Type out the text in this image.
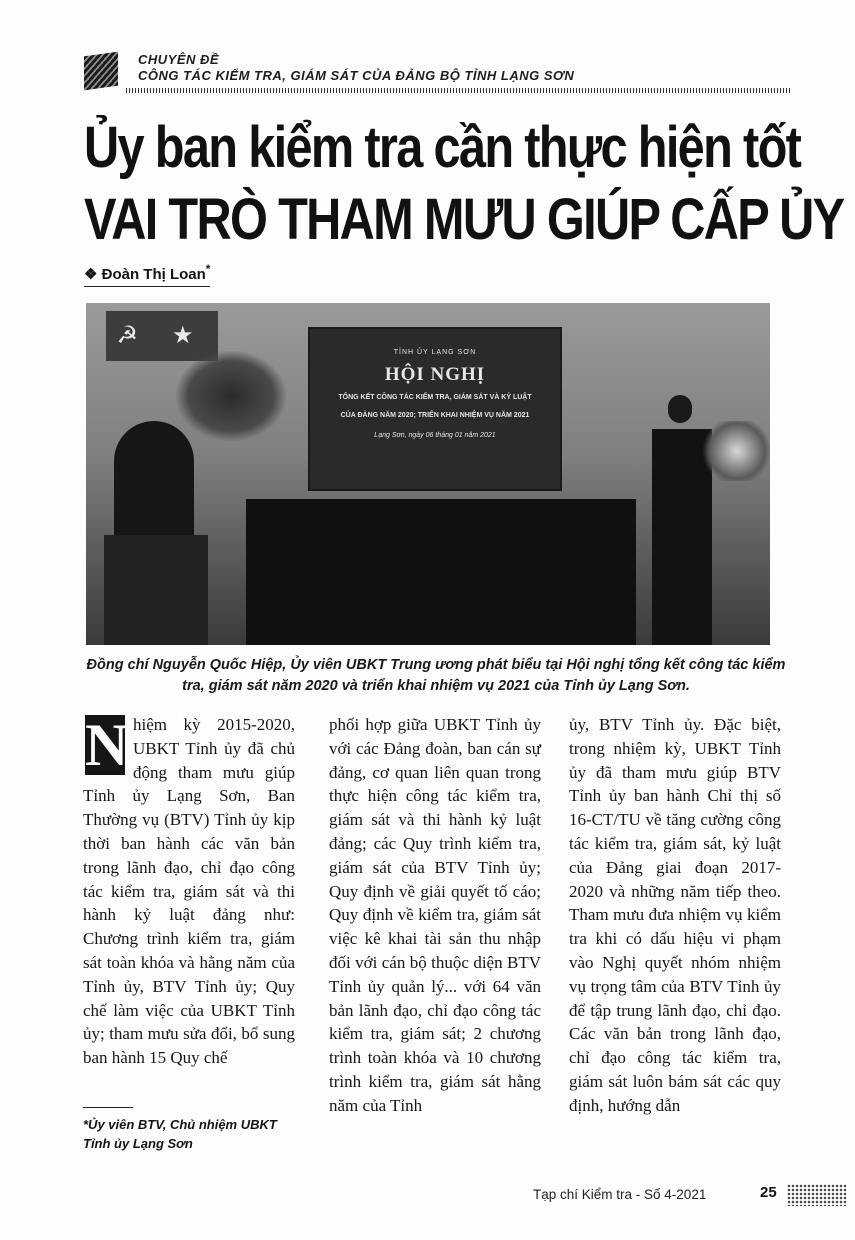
CHUYÊN ĐỀ
CÔNG TÁC KIỂM TRA, GIÁM SÁT CỦA ĐẢNG BỘ TỈNH LẠNG SƠN
Ủy ban kiểm tra cần thực hiện tốt
VAI TRÒ THAM MƯU GIÚP CẤP ỦY
❖ Đoàn Thị Loan*
☭ ★
TỈNH ỦY LẠNG SƠN
HỘI NGHỊ
TỔNG KẾT CÔNG TÁC KIỂM TRA, GIÁM SÁT VÀ KỶ LUẬT
CỦA ĐẢNG NĂM 2020; TRIỂN KHAI NHIỆM VỤ NĂM 2021
Lạng Sơn, ngày 06 tháng 01 năm 2021
Đồng chí Nguyễn Quốc Hiệp, Ủy viên UBKT Trung ương phát biểu tại Hội nghị tổng kết công tác kiểm tra, giám sát năm 2020 và triển khai nhiệm vụ 2021 của Tỉnh ủy Lạng Sơn.
N hiệm kỳ 2015-2020, UBKT Tỉnh ủy đã chủ động tham mưu giúp Tỉnh ủy Lạng Sơn, Ban Thường vụ (BTV) Tỉnh ủy kịp thời ban hành các văn bản trong lãnh đạo, chỉ đạo công tác kiểm tra, giám sát và thi hành kỷ luật đảng như: Chương trình kiểm tra, giám sát toàn khóa và hằng năm của Tỉnh ủy, BTV Tỉnh ủy; Quy chế làm việc của UBKT Tỉnh ủy; tham mưu sửa đổi, bổ sung ban hành 15 Quy chế
phối hợp giữa UBKT Tỉnh ủy với các Đảng đoàn, ban cán sự đảng, cơ quan liên quan trong thực hiện công tác kiểm tra, giám sát và thi hành kỷ luật đảng; các Quy trình kiểm tra, giám sát của BTV Tỉnh ủy; Quy định về giải quyết tố cáo; Quy định về kiểm tra, giám sát việc kê khai tài sản thu nhập đối với cán bộ thuộc diện BTV Tỉnh ủy quản lý... với 64 văn bản lãnh đạo, chỉ đạo công tác kiểm tra, giám sát; 2 chương trình toàn khóa và 10 chương trình kiểm tra, giám sát hằng năm của Tỉnh
ủy, BTV Tỉnh ủy. Đặc biệt, trong nhiệm kỳ, UBKT Tỉnh ủy đã tham mưu giúp BTV Tỉnh ủy ban hành Chỉ thị số 16-CT/TU về tăng cường công tác kiểm tra, giám sát, kỷ luật của Đảng giai đoạn 2017- 2020 và những năm tiếp theo. Tham mưu đưa nhiệm vụ kiểm tra khi có dấu hiệu vi phạm vào Nghị quyết nhóm nhiệm vụ trọng tâm của BTV Tỉnh ủy để tập trung lãnh đạo, chỉ đạo. Các văn bản trong lãnh đạo, chỉ đạo công tác kiểm tra, giám sát luôn bám sát các quy định, hướng dẫn
*Ủy viên BTV, Chủ nhiệm UBKT Tỉnh ủy Lạng Sơn
Tạp chí Kiểm tra - Số 4-2021	25
